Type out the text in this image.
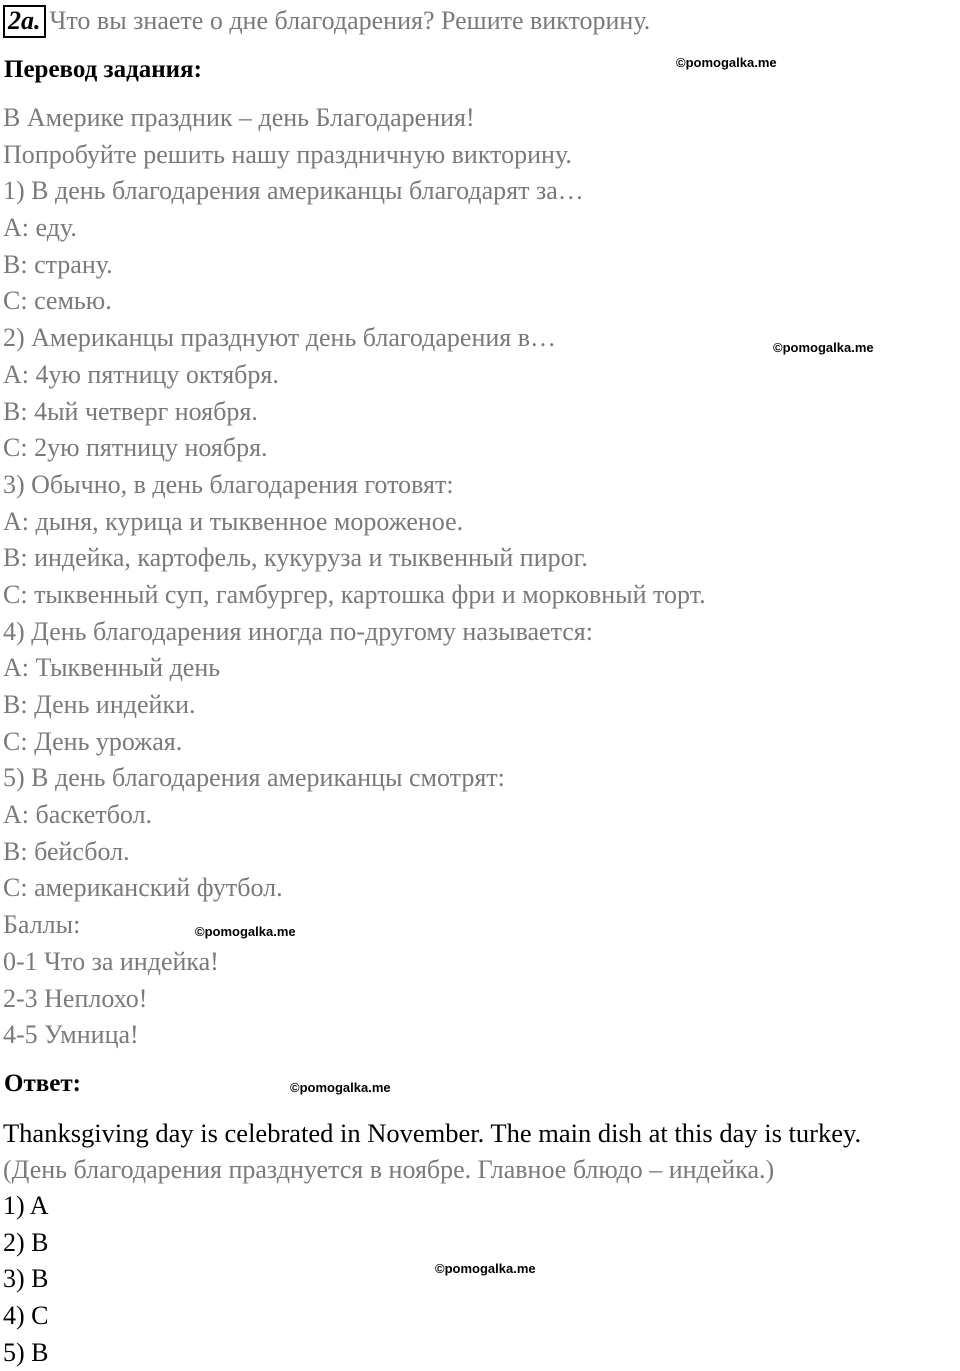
2a. Что вы знаете о дне благодарения? Решите викторину.
Перевод задания:	©pomogalka.me
©pomogalka.me
©pomogalka.me
©pomogalka.me
©pomogalka.me
В Америке праздник – день Благодарения!
Попробуйте решить нашу праздничную викторину.
1) В день благодарения американцы благодарят за…
A: еду.
B: страну.
C: семью.
2) Американцы празднуют день благодарения в…
A: 4ую пятницу октября.
B: 4ый четверг ноября.
C: 2ую пятницу ноября.
3) Обычно, в день благодарения готовят:
A: дыня, курица и тыквенное мороженое.
B: индейка, картофель, кукуруза и тыквенный пирог.
C: тыквенный суп, гамбургер, картошка фри и морковный торт.
4) День благодарения иногда по-другому называется:
A: Тыквенный день
B: День индейки.
C: День урожая.
5) В день благодарения американцы смотрят:
A: баскетбол.
B: бейсбол.
C: американский футбол.
Баллы:
0-1 Что за индейка!
2-3 Неплохо!
4-5 Умница!
Ответ:
Thanksgiving day is celebrated in November. The main dish at this day is turkey.
(День благодарения празднуется в ноябре. Главное блюдо – индейка.)
1) A
2) B
3) B
4) C
5) B
